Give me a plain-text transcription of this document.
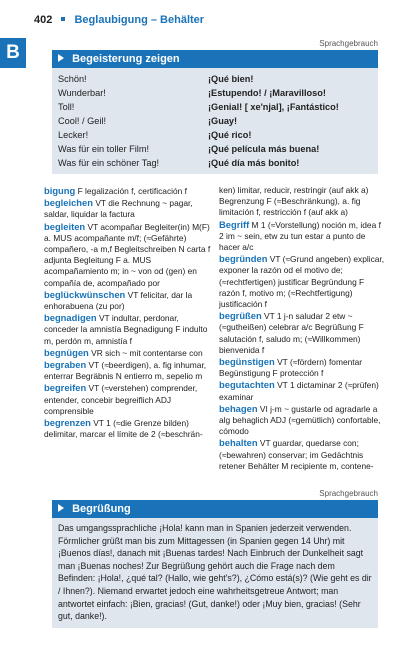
B
402 Beglaubigung – Behälter
Sprachgebrauch
Begeisterung zeigen
Schön!	¡Qué bien!
Wunderbar!	¡Estupendo! / ¡Maravilloso!
Toll!	¡Genial! [ xe'njal], ¡Fantástico!
Cool! / Geil!	¡Guay!
Lecker!	¡Qué rico!
Was für ein toller Film!	¡Qué película más buena!
Was für ein schöner Tag!	¡Qué día más bonito!
bigung F legalización f, certificación f
begleichen VT die Rechnung ~ pagar, saldar, liquidar la factura
begleiten VT acompañar Begleiter(in) M(F) a. MUS acompañante m/f; (≈Gefährte) compañero, -a m,f Begleitschreiben N carta f adjunta Begleitung F a. MUS acompañamiento m; in ~ von od (gen) en compañía de, acompañado por
beglückwünschen VT felicitar, dar la enhorabuena (zu por)
begnadigen VT indultar, perdonar, conceder la amnistía Begnadigung F indulto m, perdón m, amnistía f
begnügen VR sich ~ mit contentarse con
begraben VT (≈beerdigen), a. fig inhumar, enterrar Begräbnis N entierro m, sepelio m
begreifen VT (≈verstehen) comprender, entender, concebir begreiflich ADJ comprensible
begrenzen VT 1 (≈die Grenze bilden) delimitar, marcar el límite de 2 (≈beschrän-
ken) limitar, reducir, restringir (auf akk a) Begrenzung F (≈Beschränkung), a. fig limitación f, restricción f (auf akk a)
Begriff M 1 (≈Vorstellung) noción m, idea f 2 im ~ sein, etw zu tun estar a punto de hacer a/c
begründen VT (≈Grund angeben) explicar, exponer la razón od el motivo de; (≈rechtfertigen) justificar Begründung F razón f, motivo m; (≈Rechtfertigung) justificación f
begrüßen VT 1 j-n saludar 2 etw ~ (≈gutheißen) celebrar a/c Begrüßung F salutación f, saludo m; (≈Willkommen) bienvenida f
begünstigen VT (≈fördern) fomentar Begünstigung F protección f
begutachten VT 1 dictaminar 2 (≈prüfen) examinar
behagen VI j-m ~ gustarle od agradarle a alg behaglich ADJ (≈gemütlich) confortable, cómodo
behalten VT guardar, quedarse con; (≈bewahren) conservar; im Gedächtnis retener Behälter M recipiente m, contene-
Sprachgebrauch
Begrüßung

Das umgangssprachliche ¡Hola! kann man in Spanien jederzeit verwenden. Förmlicher grüßt man bis zum Mittagessen (in Spanien gegen 14 Uhr) mit ¡Buenos días!, danach mit ¡Buenas tardes! Nach Einbruch der Dunkelheit sagt man ¡Buenas noches! Zur Begrüßung gehört auch die Frage nach dem Befinden: ¡Hola!, ¿qué tal? (Hallo, wie geht's?), ¿Cómo está(s)? (Wie geht es dir / Ihnen?). Niemand erwartet jedoch eine wahrheitsgetreue Antwort; man antwortet einfach: ¡Bien, gracias! (Gut, danke!) oder ¡Muy bien, gracias! (Sehr gut, danke!).
